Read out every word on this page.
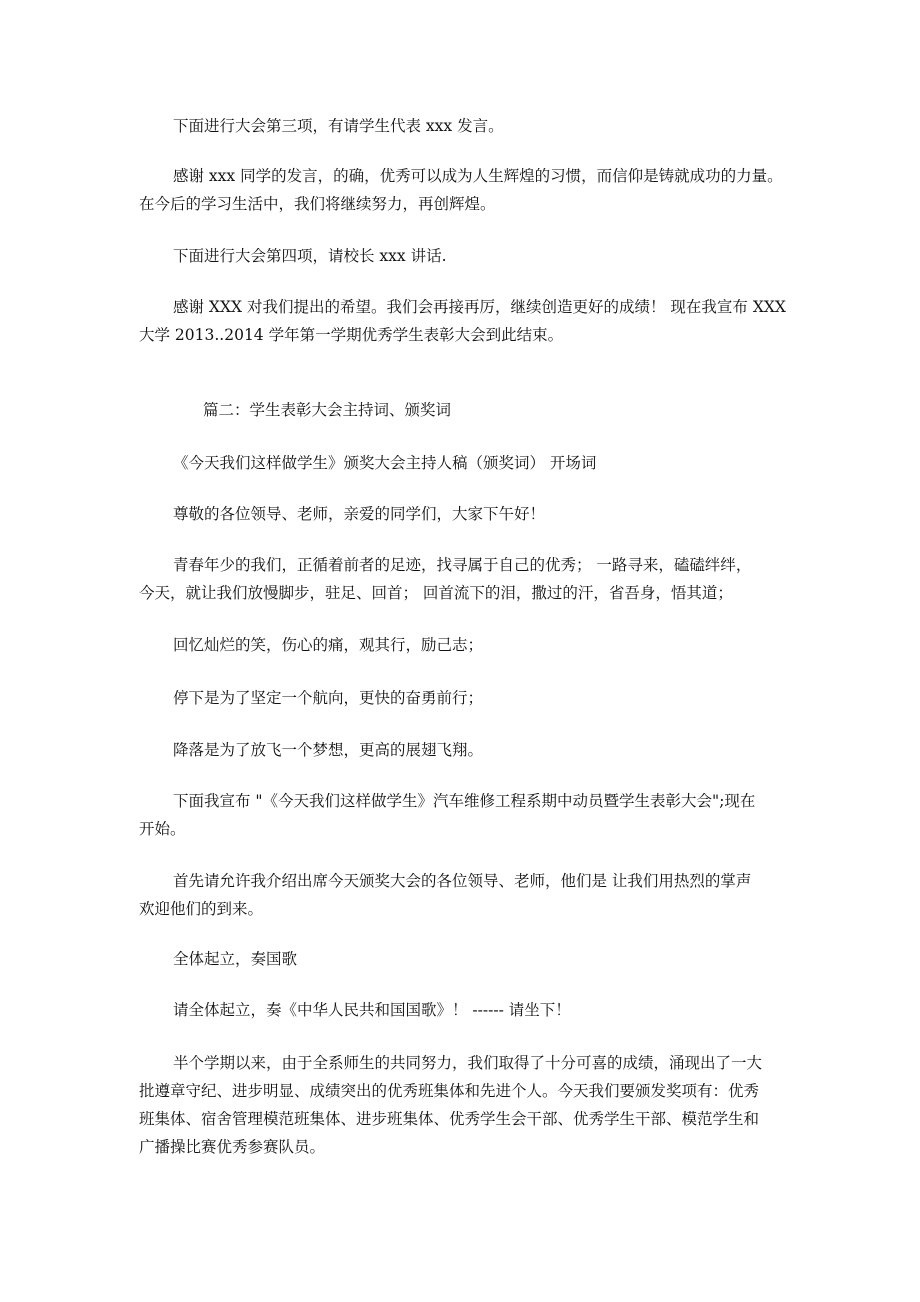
下面进行大会第三项，有请学生代表 xxx 发言。

感谢 xxx 同学的发言，的确，优秀可以成为人生辉煌的习惯，而信仰是铸就成功的力量。
在今后的学习生活中，我们将继续努力，再创辉煌。

下面进行大会第四项，请校长 xxx 讲话.

感谢 XXX 对我们提出的希望。我们会再接再厉，继续创造更好的成绩！ 现在我宣布 XXX
大学 2013..2014 学年第一学期优秀学生表彰大会到此结束。

篇二：学生表彰大会主持词、颁奖词

《今天我们这样做学生》颁奖大会主持人稿（颁奖词） 开场词

尊敬的各位领导、老师，亲爱的同学们，大家下午好！

青春年少的我们，正循着前者的足迹，找寻属于自己的优秀； 一路寻来，磕磕绊绊，
今天，就让我们放慢脚步，驻足、回首； 回首流下的泪，撒过的汗，省吾身，悟其道；

回忆灿烂的笑，伤心的痛，观其行，励己志；

停下是为了坚定一个航向，更快的奋勇前行；

降落是为了放飞一个梦想，更高的展翅飞翔。

下面我宣布 "《今天我们这样做学生》汽车维修工程系期中动员暨学生表彰大会";现在
开始。

首先请允许我介绍出席今天颁奖大会的各位领导、老师，他们是 让我们用热烈的掌声
欢迎他们的到来。

全体起立，奏国歌

请全体起立，奏《中华人民共和国国歌》！ ------ 请坐下！

半个学期以来，由于全系师生的共同努力，我们取得了十分可喜的成绩，涌现出了一大
批遵章守纪、进步明显、成绩突出的优秀班集体和先进个人。今天我们要颁发奖项有：优秀
班集体、宿舍管理模范班集体、进步班集体、优秀学生会干部、优秀学生干部、模范学生和
广播操比赛优秀参赛队员。
